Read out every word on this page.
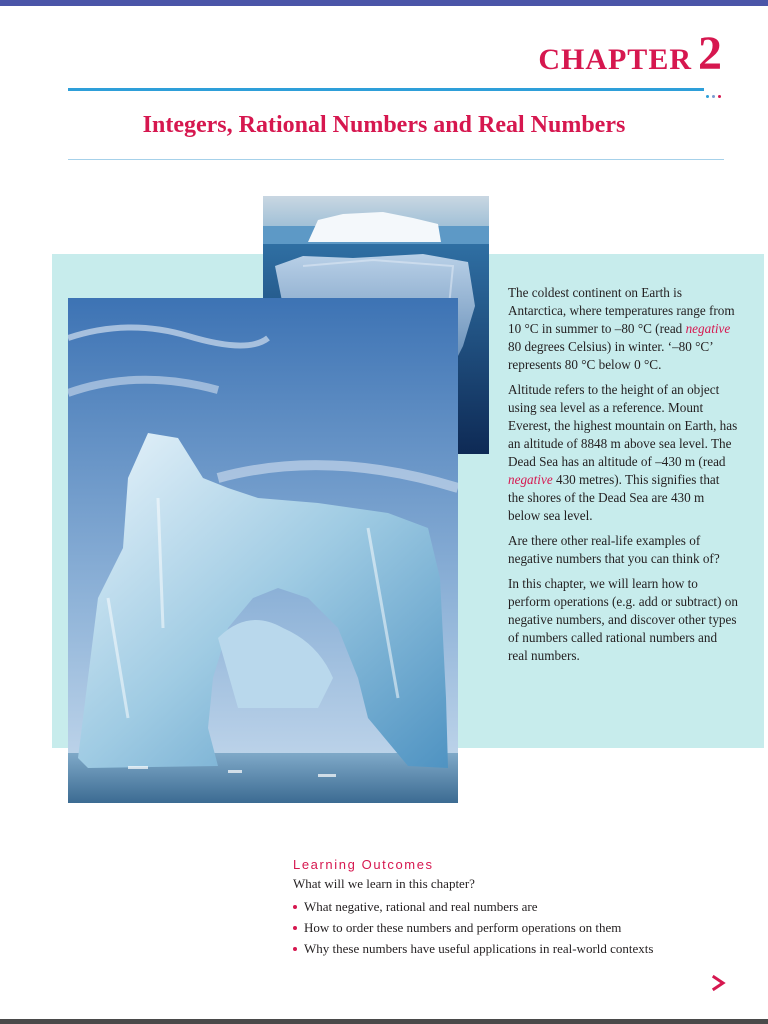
CHAPTER 2
Integers, Rational Numbers and Real Numbers

The coldest continent on Earth is Antarctica, where temperatures range from 10 °C in summer to –80 °C (read negative 80 degrees Celsius) in winter. ‘–80 °C’ represents 80 °C below 0 °C.

Altitude refers to the height of an object using sea level as a reference. Mount Everest, the highest mountain on Earth, has an altitude of 8848 m above sea level. The Dead Sea has an altitude of –430 m (read negative 430 metres). This signifies that the shores of the Dead Sea are 430 m below sea level.

Are there other real-life examples of negative numbers that you can think of?

In this chapter, we will learn how to perform operations (e.g. add or subtract) on negative numbers, and discover other types of numbers called rational numbers and real numbers.

Learning Outcomes
What will we learn in this chapter?
What negative, rational and real numbers are
How to order these numbers and perform operations on them
Why these numbers have useful applications in real-world contexts
